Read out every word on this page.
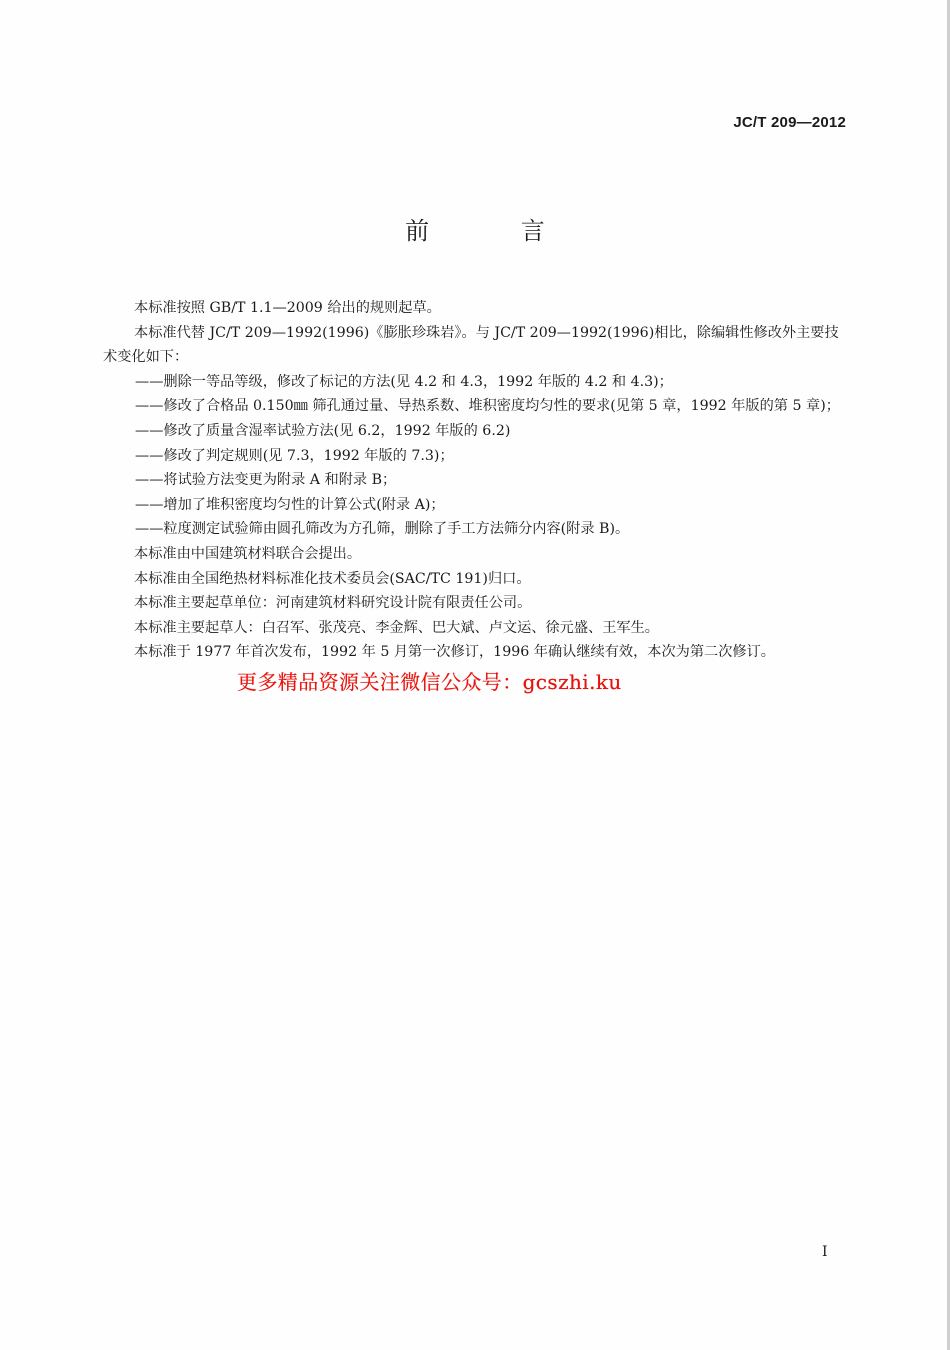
JC/T 209—2012
前 言

本标准按照 GB/T 1.1—2009 给出的规则起草。

本标准代替 JC/T 209—1992(1996)《膨胀珍珠岩》。与 JC/T 209—1992(1996)相比，除编辑性修改外主要技术变化如下：

——删除一等品等级，修改了标记的方法(见 4.2 和 4.3，1992 年版的 4.2 和 4.3)；

——修改了合格品 0.150㎜ 筛孔通过量、导热系数、堆积密度均匀性的要求(见第 5 章，1992 年版的第 5 章)；

——修改了质量含湿率试验方法(见 6.2，1992 年版的 6.2)

——修改了判定规则(见 7.3，1992 年版的 7.3)；

——将试验方法变更为附录 A 和附录 B；

——增加了堆积密度均匀性的计算公式(附录 A)；

——粒度测定试验筛由圆孔筛改为方孔筛，删除了手工方法筛分内容(附录 B)。

本标准由中国建筑材料联合会提出。

本标准由全国绝热材料标准化技术委员会(SAC/TC 191)归口。

本标准主要起草单位：河南建筑材料研究设计院有限责任公司。

本标准主要起草人：白召军、张茂亮、李金辉、巴大斌、卢文运、徐元盛、王军生。

本标准于 1977 年首次发布，1992 年 5 月第一次修订，1996 年确认继续有效，本次为第二次修订。

更多精品资源关注微信公众号：gcszhi.ku
I
